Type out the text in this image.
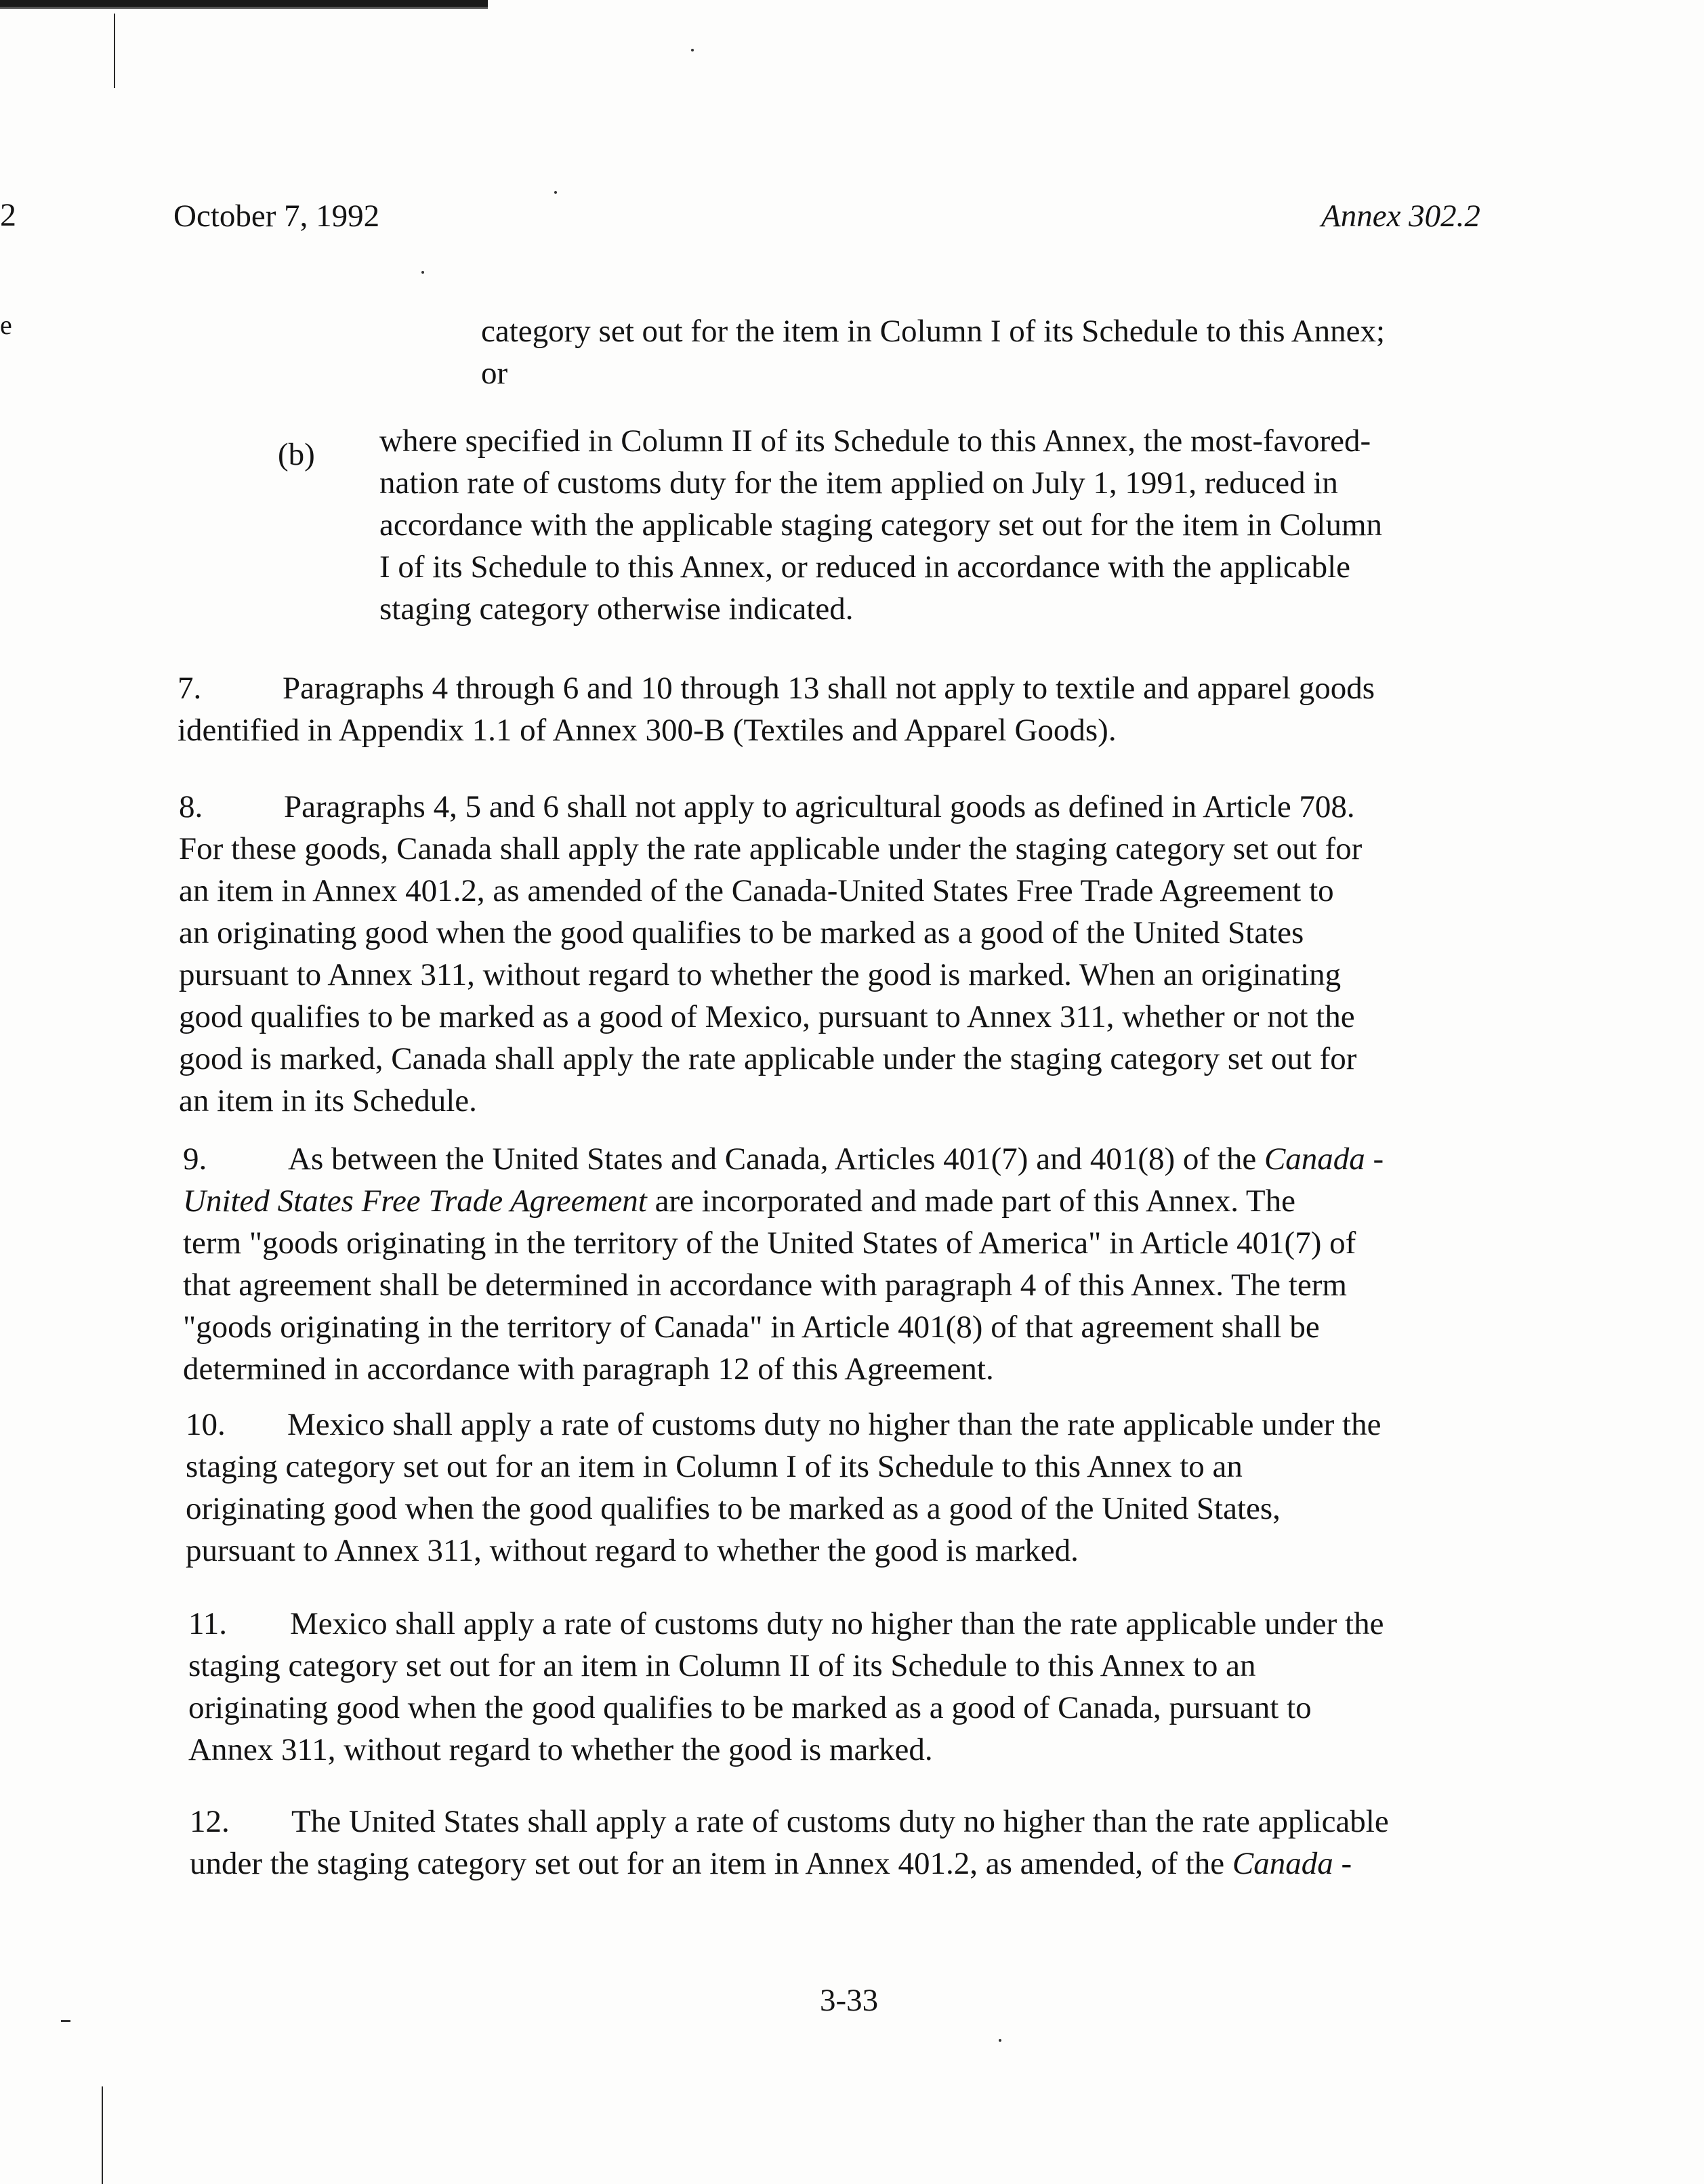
2
e
October 7, 1992	Annex 302.2

category set out for the item in Column I of its Schedule to this Annex;

or

(b) where specified in Column II of its Schedule to this Annex, the most-favored-

nation rate of customs duty for the item applied on July 1, 1991, reduced in

accordance with the applicable staging category set out for the item in Column

I of its Schedule to this Annex, or reduced in accordance with the applicable

staging category otherwise indicated.

7.	Paragraphs 4 through 6 and 10 through 13 shall not apply to textile and apparel goods

identified in Appendix 1.1 of Annex 300-B (Textiles and Apparel Goods).

8.	Paragraphs 4, 5 and 6 shall not apply to agricultural goods as defined in Article 708.

For these goods, Canada shall apply the rate applicable under the staging category set out for

an item in Annex 401.2, as amended of the Canada-United States Free Trade Agreement to

an originating good when the good qualifies to be marked as a good of the United States

pursuant to Annex 311, without regard to whether the good is marked. When an originating

good qualifies to be marked as a good of Mexico, pursuant to Annex 311, whether or not the

good is marked, Canada shall apply the rate applicable under the staging category set out for

an item in its Schedule.

9.	As between the United States and Canada, Articles 401(7) and 401(8) of the Canada -

United States Free Trade Agreement are incorporated and made part of this Annex. The

term "goods originating in the territory of the United States of America" in Article 401(7) of

that agreement shall be determined in accordance with paragraph 4 of this Annex. The term

"goods originating in the territory of Canada" in Article 401(8) of that agreement shall be

determined in accordance with paragraph 12 of this Agreement.

10. Mexico shall apply a rate of customs duty no higher than the rate applicable under the

staging category set out for an item in Column I of its Schedule to this Annex to an

originating good when the good qualifies to be marked as a good of the United States,

pursuant to Annex 311, without regard to whether the good is marked.

11. Mexico shall apply a rate of customs duty no higher than the rate applicable under the

staging category set out for an item in Column II of its Schedule to this Annex to an

originating good when the good qualifies to be marked as a good of Canada, pursuant to

Annex 311, without regard to whether the good is marked.

12. The United States shall apply a rate of customs duty no higher than the rate applicable

under the staging category set out for an item in Annex 401.2, as amended, of the Canada -

3-33
